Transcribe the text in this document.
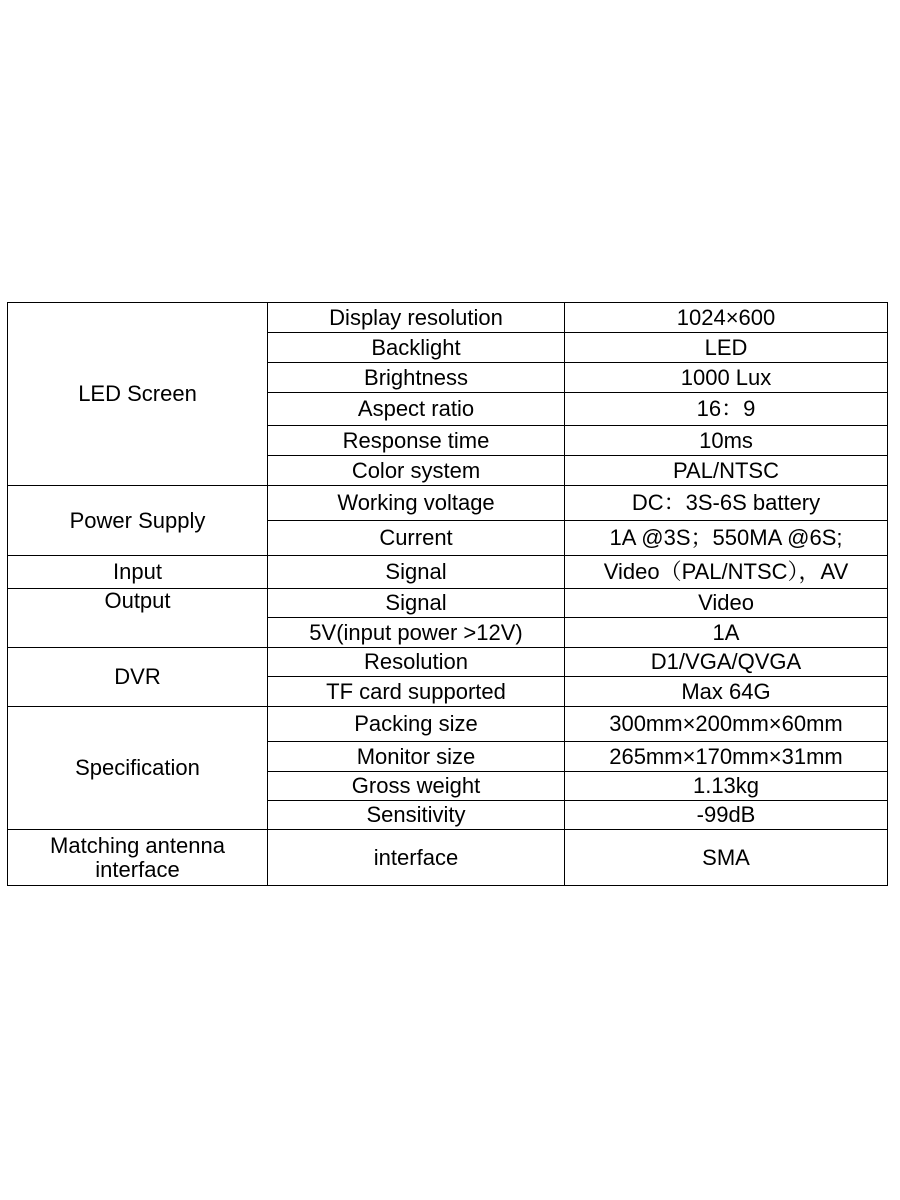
LED Screen	Display resolution	1024×600
	Backlight	LED
	Brightness	1000 Lux
	Aspect ratio	16：9
	Response time	10ms
	Color system	PAL/NTSC
Power Supply	Working voltage	DC：3S-6S battery
	Current	1A @3S；550MA @6S;
Input	Signal	Video（PAL/NTSC），AV
Output	Signal	Video
	5V(input power >12V)	1A
DVR	Resolution	D1/VGA/QVGA
	TF card supported	Max 64G
Specification	Packing size	300mm×200mm×60mm
	Monitor size	265mm×170mm×31mm
	Gross weight	1.13kg
	Sensitivity	-99dB
Matching antenna interface	interface	SMA
